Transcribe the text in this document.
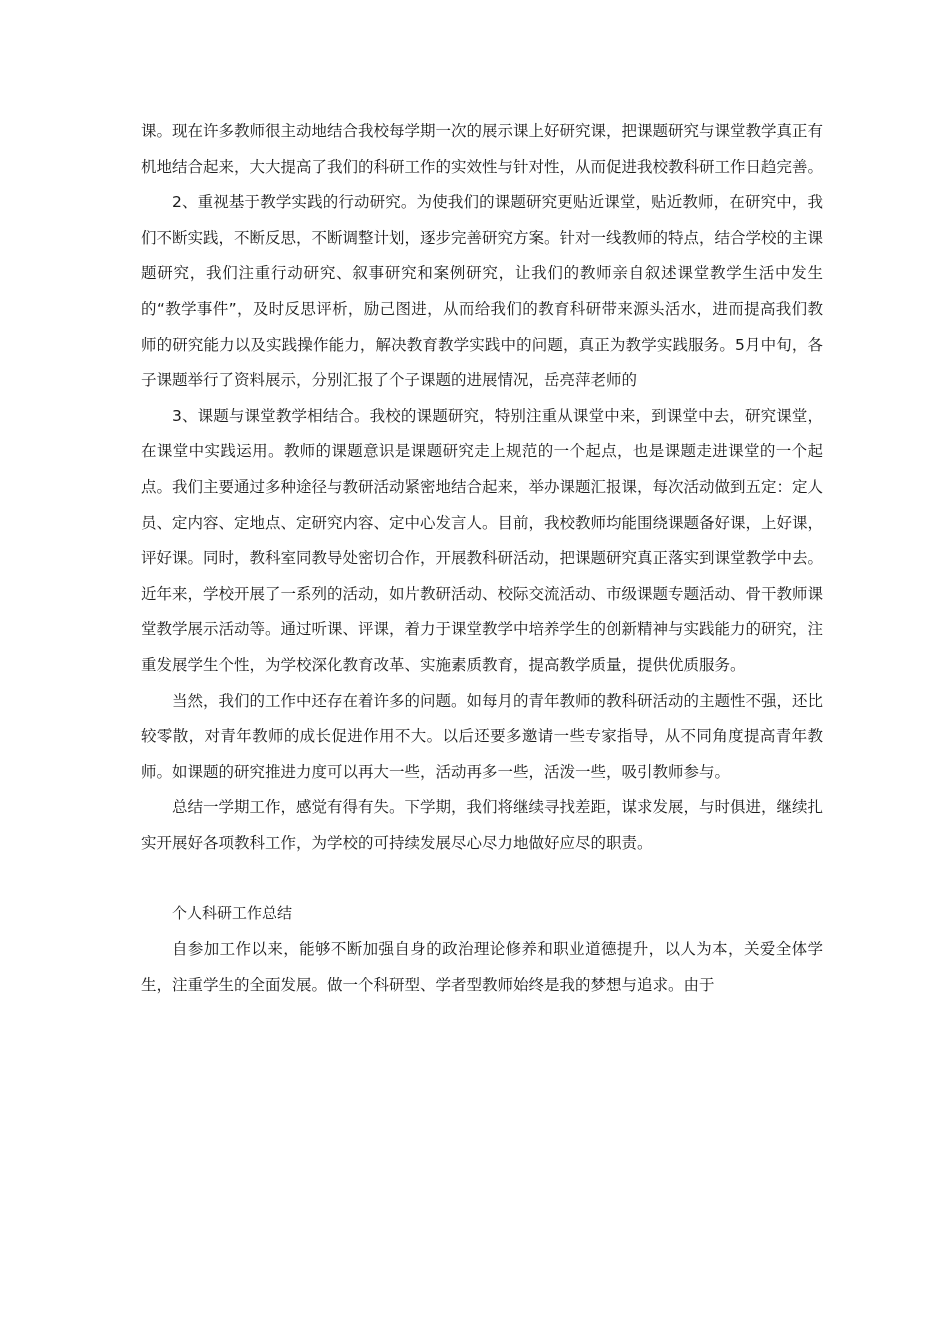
课。现在许多教师很主动地结合我校每学期一次的展示课上好研究课，把课题研究与课堂教学真正有机地结合起来，大大提高了我们的科研工作的实效性与针对性，从而促进我校教科研工作日趋完善。

2、重视基于教学实践的行动研究。为使我们的课题研究更贴近课堂，贴近教师，在研究中，我们不断实践，不断反思，不断调整计划，逐步完善研究方案。针对一线教师的特点，结合学校的主课题研究，我们注重行动研究、叙事研究和案例研究，让我们的教师亲自叙述课堂教学生活中发生的“教学事件”，及时反思评析，励己图进，从而给我们的教育科研带来源头活水，进而提高我们教师的研究能力以及实践操作能力，解决教育教学实践中的问题，真正为教学实践服务。5月中旬，各子课题举行了资料展示，分别汇报了个子课题的进展情况，岳亮萍老师的

3、课题与课堂教学相结合。我校的课题研究，特别注重从课堂中来，到课堂中去，研究课堂，在课堂中实践运用。教师的课题意识是课题研究走上规范的一个起点，也是课题走进课堂的一个起点。我们主要通过多种途径与教研活动紧密地结合起来，举办课题汇报课，每次活动做到五定：定人员、定内容、定地点、定研究内容、定中心发言人。目前，我校教师均能围绕课题备好课，上好课，评好课。同时，教科室同教导处密切合作，开展教科研活动，把课题研究真正落实到课堂教学中去。近年来，学校开展了一系列的活动，如片教研活动、校际交流活动、市级课题专题活动、骨干教师课堂教学展示活动等。通过听课、评课，着力于课堂教学中培养学生的创新精神与实践能力的研究，注重发展学生个性，为学校深化教育改革、实施素质教育，提高教学质量，提供优质服务。

当然，我们的工作中还存在着许多的问题。如每月的青年教师的教科研活动的主题性不强，还比较零散，对青年教师的成长促进作用不大。以后还要多邀请一些专家指导，从不同角度提高青年教师。如课题的研究推进力度可以再大一些，活动再多一些，活泼一些，吸引教师参与。

总结一学期工作，感觉有得有失。下学期，我们将继续寻找差距，谋求发展，与时俱进，继续扎实开展好各项教科工作，为学校的可持续发展尽心尽力地做好应尽的职责。

个人科研工作总结

自参加工作以来，能够不断加强自身的政治理论修养和职业道德提升，以人为本，关爱全体学生，注重学生的全面发展。做一个科研型、学者型教师始终是我的梦想与追求。由于
